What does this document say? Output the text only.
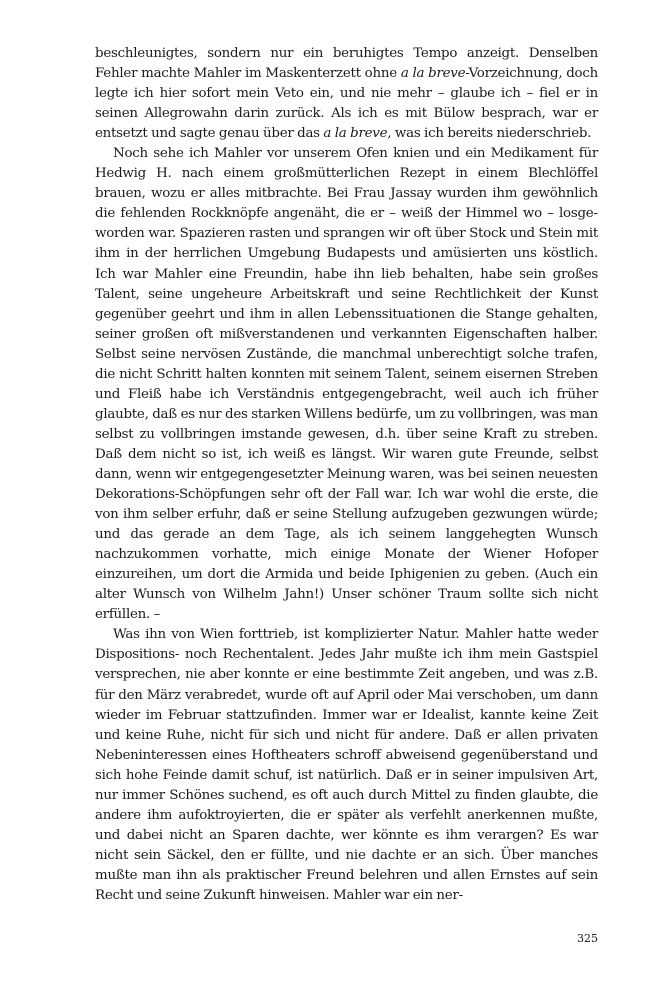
beschleunigtes, sondern nur ein beruhigtes Tempo anzeigt. Denselben Fehler machte Mahler im Maskenterzett ohne a la breve-Vorzeichnung, doch legte ich hier sofort mein Veto ein, und nie mehr – glaube ich – fiel er in seinen Allegrowahn darin zurück. Als ich es mit Bülow besprach, war er entsetzt und sagte genau über das a la breve, was ich bereits niederschrieb.

Noch sehe ich Mahler vor unserem Ofen knien und ein Medikament für Hedwig H. nach einem großmütterlichen Rezept in einem Blechlöffel brauen, wozu er alles mitbrachte. Bei Frau Jassay wurden ihm gewöhnlich die fehlenden Rockknöpfe angenäht, die er – weiß der Himmel wo – losgeworden war. Spazieren rasten und sprangen wir oft über Stock und Stein mit ihm in der herrlichen Umgebung Budapests und amüsierten uns köstlich. Ich war Mahler eine Freundin, habe ihn lieb behalten, habe sein großes Talent, seine ungeheure Arbeitskraft und seine Rechtlichkeit der Kunst gegenüber geehrt und ihm in allen Lebenssituationen die Stange gehalten, seiner großen oft mißverstandenen und verkannten Eigenschaften halber. Selbst seine nervösen Zustände, die manchmal unberechtigt solche trafen, die nicht Schritt halten konnten mit seinem Talent, seinem eisernen Streben und Fleiß habe ich Verständnis entgegengebracht, weil auch ich früher glaubte, daß es nur des starken Willens bedürfe, um zu vollbringen, was man selbst zu vollbringen imstande gewesen, d.h. über seine Kraft zu streben. Daß dem nicht so ist, ich weiß es längst. Wir waren gute Freunde, selbst dann, wenn wir entgegengesetzter Meinung waren, was bei seinen neuesten Dekorations-Schöpfungen sehr oft der Fall war. Ich war wohl die erste, die von ihm selber erfuhr, daß er seine Stellung aufzugeben gezwungen würde; und das gerade an dem Tage, als ich seinem langgehegten Wunsch nachzukommen vorhatte, mich einige Monate der Wiener Hofoper einzureihen, um dort die Armida und beide Iphigenien zu geben. (Auch ein alter Wunsch von Wilhelm Jahn!) Unser schöner Traum sollte sich nicht erfüllen. –

Was ihn von Wien forttrieb, ist komplizierter Natur. Mahler hatte weder Dispositions- noch Rechentalent. Jedes Jahr mußte ich ihm mein Gastspiel versprechen, nie aber konnte er eine bestimmte Zeit angeben, und was z.B. für den März verabredet, wurde oft auf April oder Mai verschoben, um dann wieder im Februar stattzufinden. Immer war er Idealist, kannte keine Zeit und keine Ruhe, nicht für sich und nicht für andere. Daß er allen privaten Nebeninteressen eines Hoftheaters schroff abweisend gegenüberstand und sich hohe Feinde damit schuf, ist natürlich. Daß er in seiner impulsiven Art, nur immer Schönes suchend, es oft auch durch Mittel zu finden glaubte, die andere ihm aufoktroyierten, die er später als verfehlt anerkennen mußte, und dabei nicht an Sparen dachte, wer könnte es ihm verargen? Es war nicht sein Säckel, den er füllte, und nie dachte er an sich. Über manches mußte man ihn als praktischer Freund belehren und allen Ernstes auf sein Recht und seine Zukunft hinweisen. Mahler war ein ner-

325
